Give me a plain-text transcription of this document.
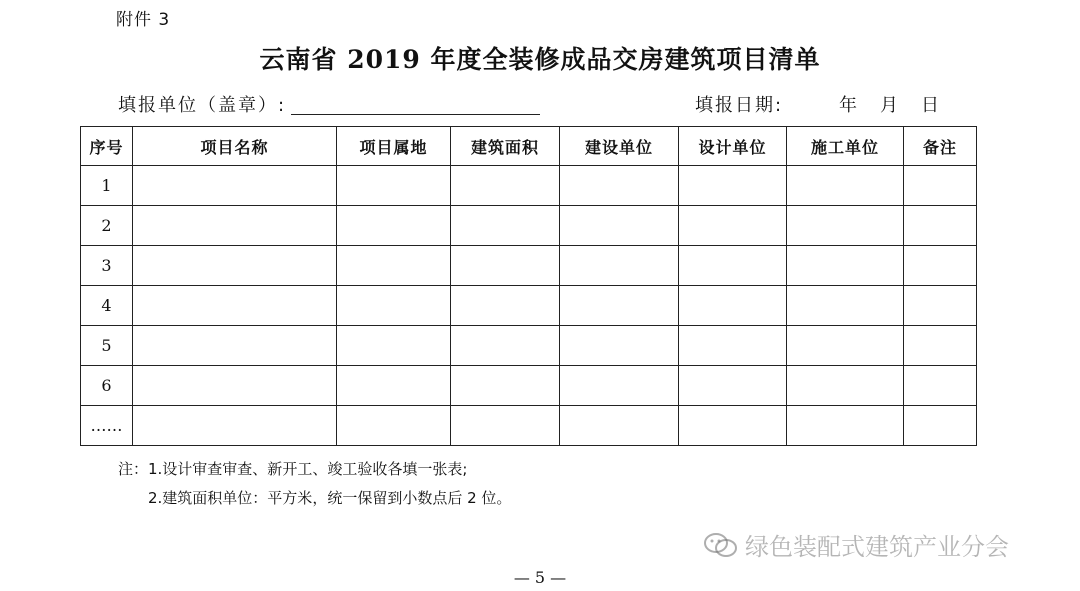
附件 3
云南省 2019 年度全装修成品交房建筑项目清单
填报单位（盖章）:	填报日期:	年 月 日
序号	项目名称	项目属地	建筑面积	建设单位	设计单位	施工单位	备注
1							
2							
3							
4							
5							
6							
……							
注：1.设计审查审查、新开工、竣工验收各填一张表;
2.建筑面积单位：平方米，统一保留到小数点后 2 位。
绿色装配式建筑产业分会
— 5 —
